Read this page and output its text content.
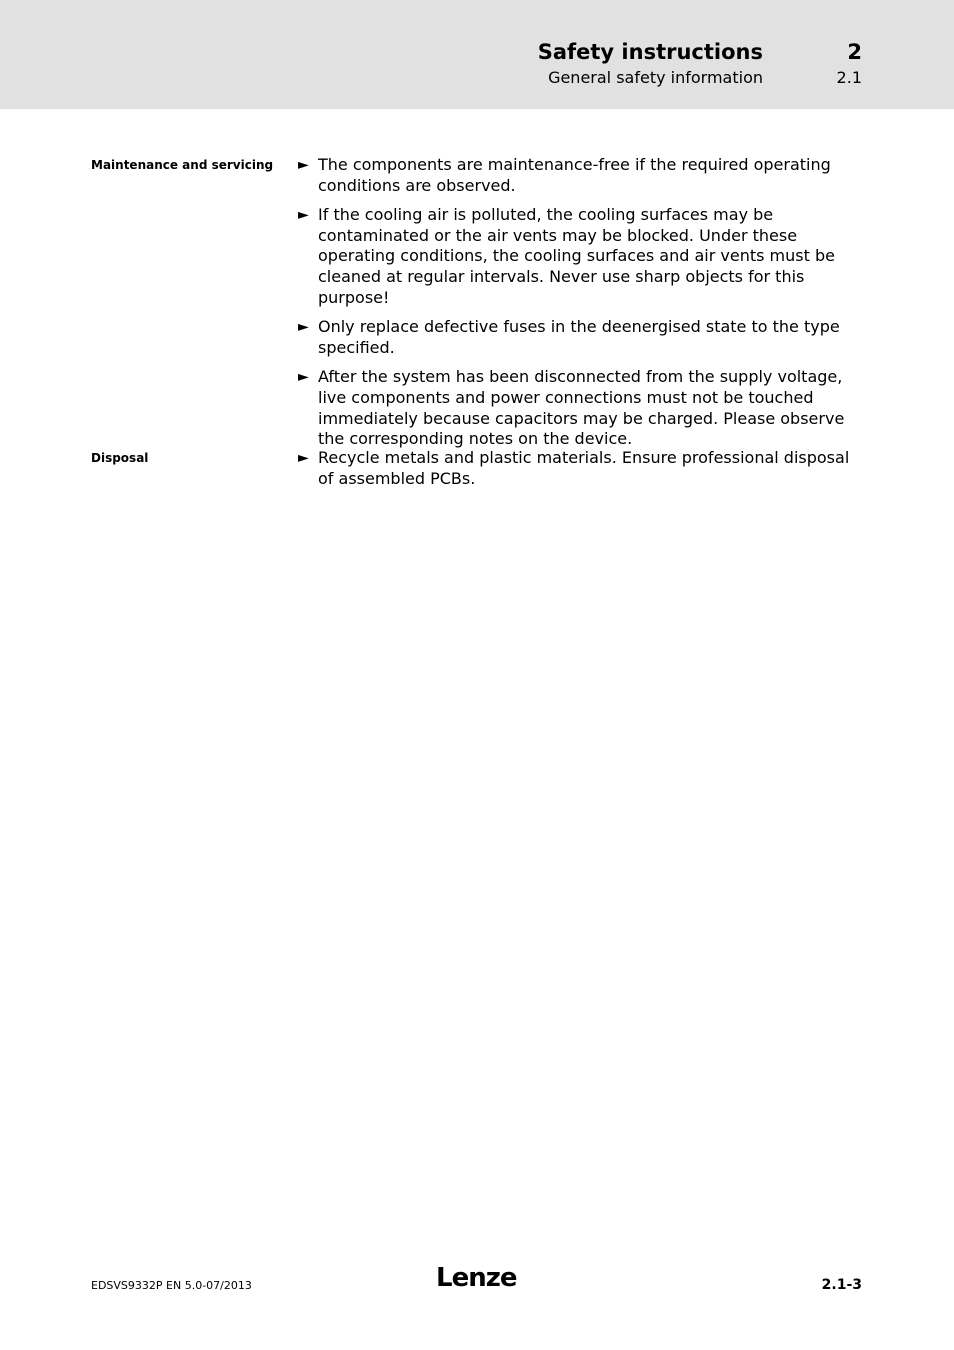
Safety instructions	2
General safety information	2.1
Maintenance and servicing ► The components are maintenance-free if the required operating conditions are observed.
► If the cooling air is polluted, the cooling surfaces may be contaminated or the air vents may be blocked. Under these operating conditions, the cooling surfaces and air vents must be cleaned at regular intervals. Never use sharp objects for this purpose!
► Only replace defective fuses in the deenergised state to the type specified.
► After the system has been disconnected from the supply voltage, live components and power connections must not be touched immediately because capacitors may be charged. Please observe the corresponding notes on the device.
Disposal	► Recycle metals and plastic materials. Ensure professional disposal of assembled PCBs.
EDSVS9332P EN 5.0-07/2013	Lenze	2.1-3
